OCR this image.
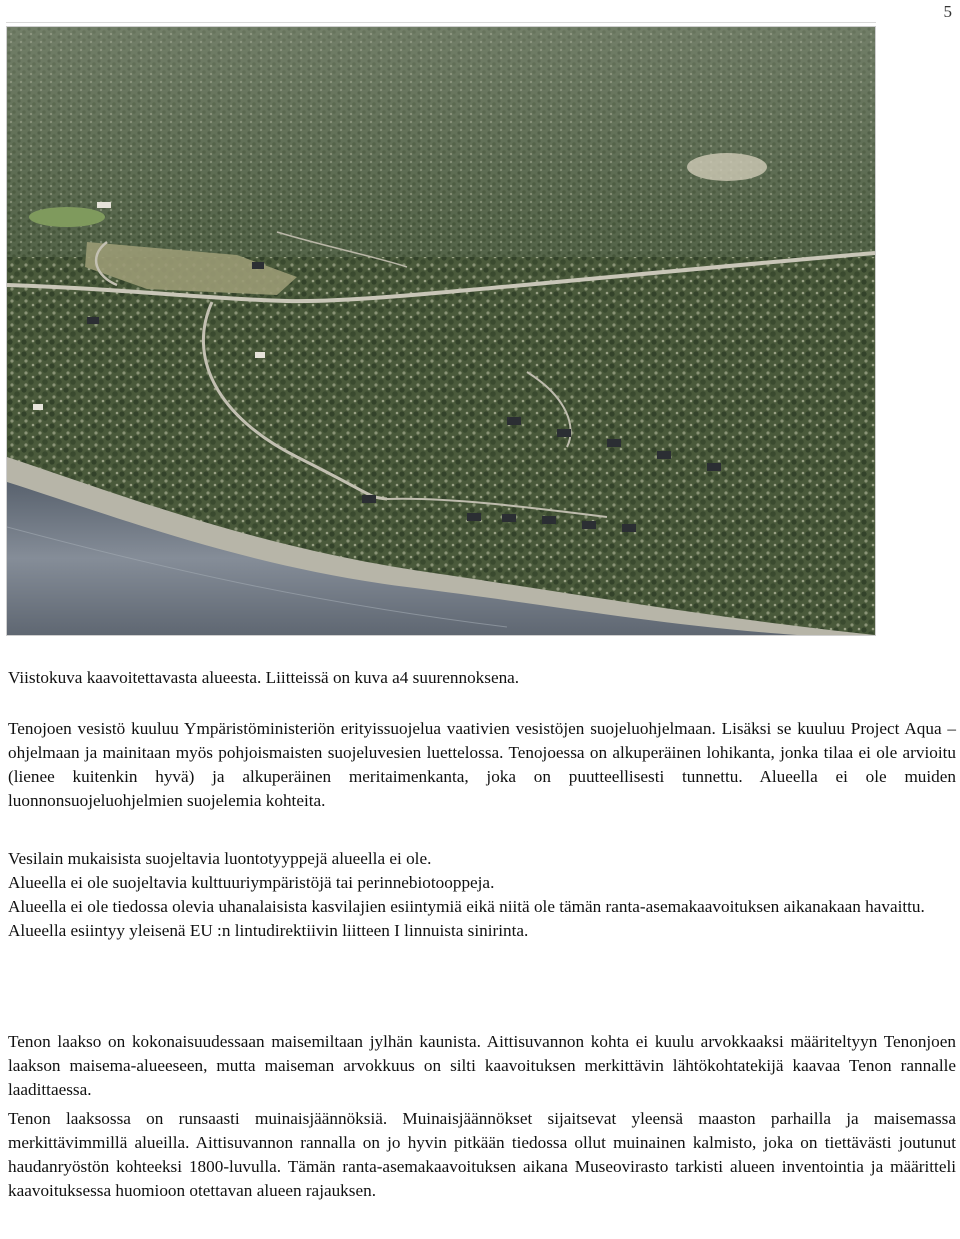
5
Viistokuva kaavoitettavasta alueesta. Liitteissä on kuva a4 suurennoksena.
Tenojoen vesistö kuuluu Ympäristöministeriön erityissuojelua vaativien vesistöjen suojeluohjelmaan. Lisäksi se kuuluu Project Aqua –ohjelmaan ja mainitaan myös pohjoismaisten suojeluvesien luettelossa. Tenojoessa on alkuperäinen lohikanta, jonka tilaa ei ole arvioitu (lienee kuitenkin hyvä) ja alkuperäinen meritaimenkanta, joka on puutteellisesti tunnettu. Alueella ei ole muiden luonnonsuojeluohjelmien suojelemia kohteita.

Vesilain mukaisista suojeltavia luontotyyppejä alueella ei ole.

Alueella ei ole suojeltavia kulttuuriympäristöjä tai perinnebiotooppeja.

Alueella ei ole tiedossa olevia uhanalaisista kasvilajien esiintymiä eikä niitä ole tämän ranta-asemakaavoituksen aikanakaan havaittu.

Alueella esiintyy yleisenä EU :n lintudirektiivin liitteen I linnuista sinirinta.

Tenon laakso on kokonaisuudessaan maisemiltaan jylhän kaunista. Aittisuvannon kohta ei kuulu arvokkaaksi määriteltyyn Tenonjoen laakson maisema-alueeseen, mutta maiseman arvokkuus on silti kaavoituksen merkittävin lähtökohtatekijä kaavaa Tenon rannalle laadittaessa.
Tenon laaksossa on runsaasti muinaisjäännöksiä. Muinaisjäännökset sijaitsevat yleensä maaston parhailla ja maisemassa merkittävimmillä alueilla. Aittisuvannon rannalla on jo hyvin pitkään tiedossa ollut muinainen kalmisto, joka on tiettävästi joutunut haudanryöstön kohteeksi 1800-luvulla. Tämän ranta-asemakaavoituksen aikana Museovirasto tarkisti alueen inventointia ja määritteli kaavoituksessa huomioon otettavan alueen rajauksen.
